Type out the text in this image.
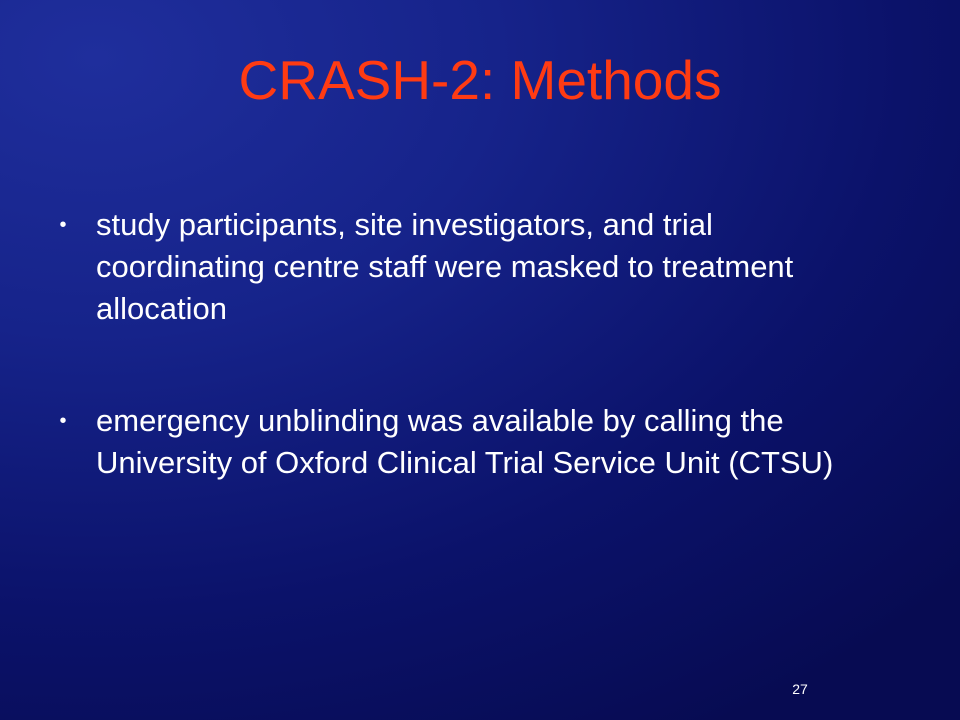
CRASH-2: Methods
• study participants, site investigators, and trial coordinating centre staff were masked to treatment allocation
• emergency unblinding was available by calling the University of Oxford Clinical Trial Service Unit (CTSU)
27
